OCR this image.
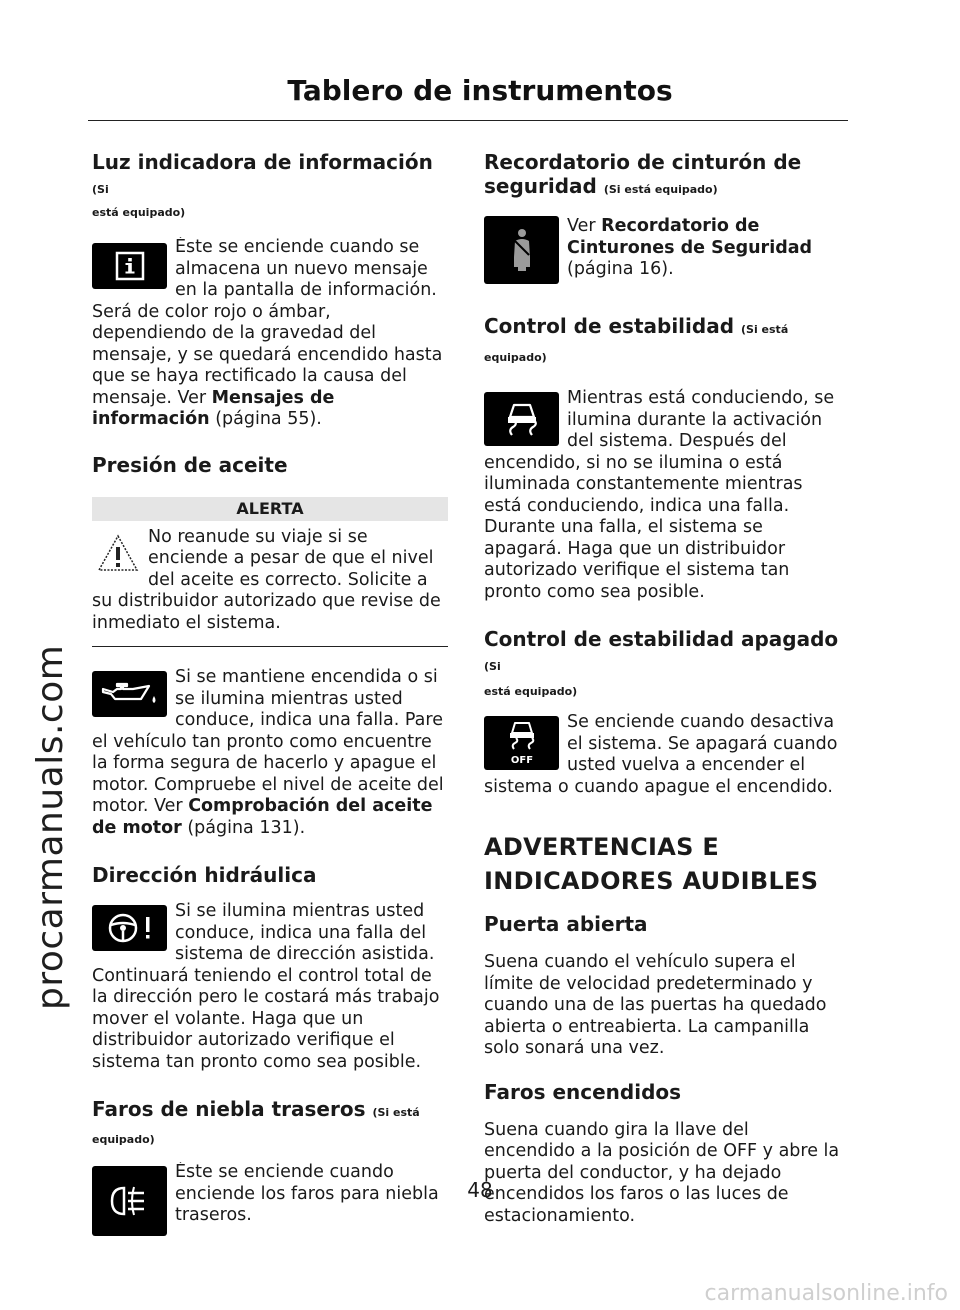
Tablero de instrumentos
procarmanuals.com

Luz indicadora de información (Si

está equipado)

Éste se enciende cuando se almacena un nuevo mensaje en la pantalla de información. Será de color rojo o ámbar, dependiendo de la gravedad del mensaje, y se quedará encendido hasta que se haya rectificado la causa del mensaje. Ver Mensajes de información (página 55).

Presión de aceite

ALERTA

No reanude su viaje si se enciende a pesar de que el nivel del aceite es correcto. Solicite a su distribuidor autorizado que revise de inmediato el sistema.

Si se mantiene encendida o si se ilumina mientras usted conduce, indica una falla. Pare el vehículo tan pronto como encuentre la forma segura de hacerlo y apague el motor. Compruebe el nivel de aceite del motor. Ver Comprobación del aceite de motor (página 131).

Dirección hidráulica

Si se ilumina mientras usted conduce, indica una falla del sistema de dirección asistida. Continuará teniendo el control total de la dirección pero le costará más trabajo mover el volante. Haga que un distribuidor autorizado verifique el sistema tan pronto como sea posible.

Faros de niebla traseros (Si está

equipado)

Éste se enciende cuando enciende los faros para niebla traseros.

Recordatorio de cinturón de

seguridad (Si está equipado)

Ver Recordatorio de Cinturones de Seguridad (página 16).

Control de estabilidad (Si está equipado)

Mientras está conduciendo, se ilumina durante la activación del sistema. Después del encendido, si no se ilumina o está iluminada constantemente mientras está conduciendo, indica una falla. Durante una falla, el sistema se apagará. Haga que un distribuidor autorizado verifique el sistema tan pronto como sea posible.

Control de estabilidad apagado (Si

está equipado)

OFF

Se enciende cuando desactiva el sistema. Se apagará cuando usted vuelva a encender el sistema o cuando apague el encendido.

ADVERTENCIAS E

INDICADORES AUDIBLES

Puerta abierta

Suena cuando el vehículo supera el límite de velocidad predeterminado y cuando una de las puertas ha quedado abierta o entreabierta. La campanilla solo sonará una vez.

Faros encendidos

Suena cuando gira la llave del encendido a la posición de OFF y abre la puerta del conductor, y ha dejado encendidos los faros o las luces de estacionamiento.

48
carmanualsonline.info
